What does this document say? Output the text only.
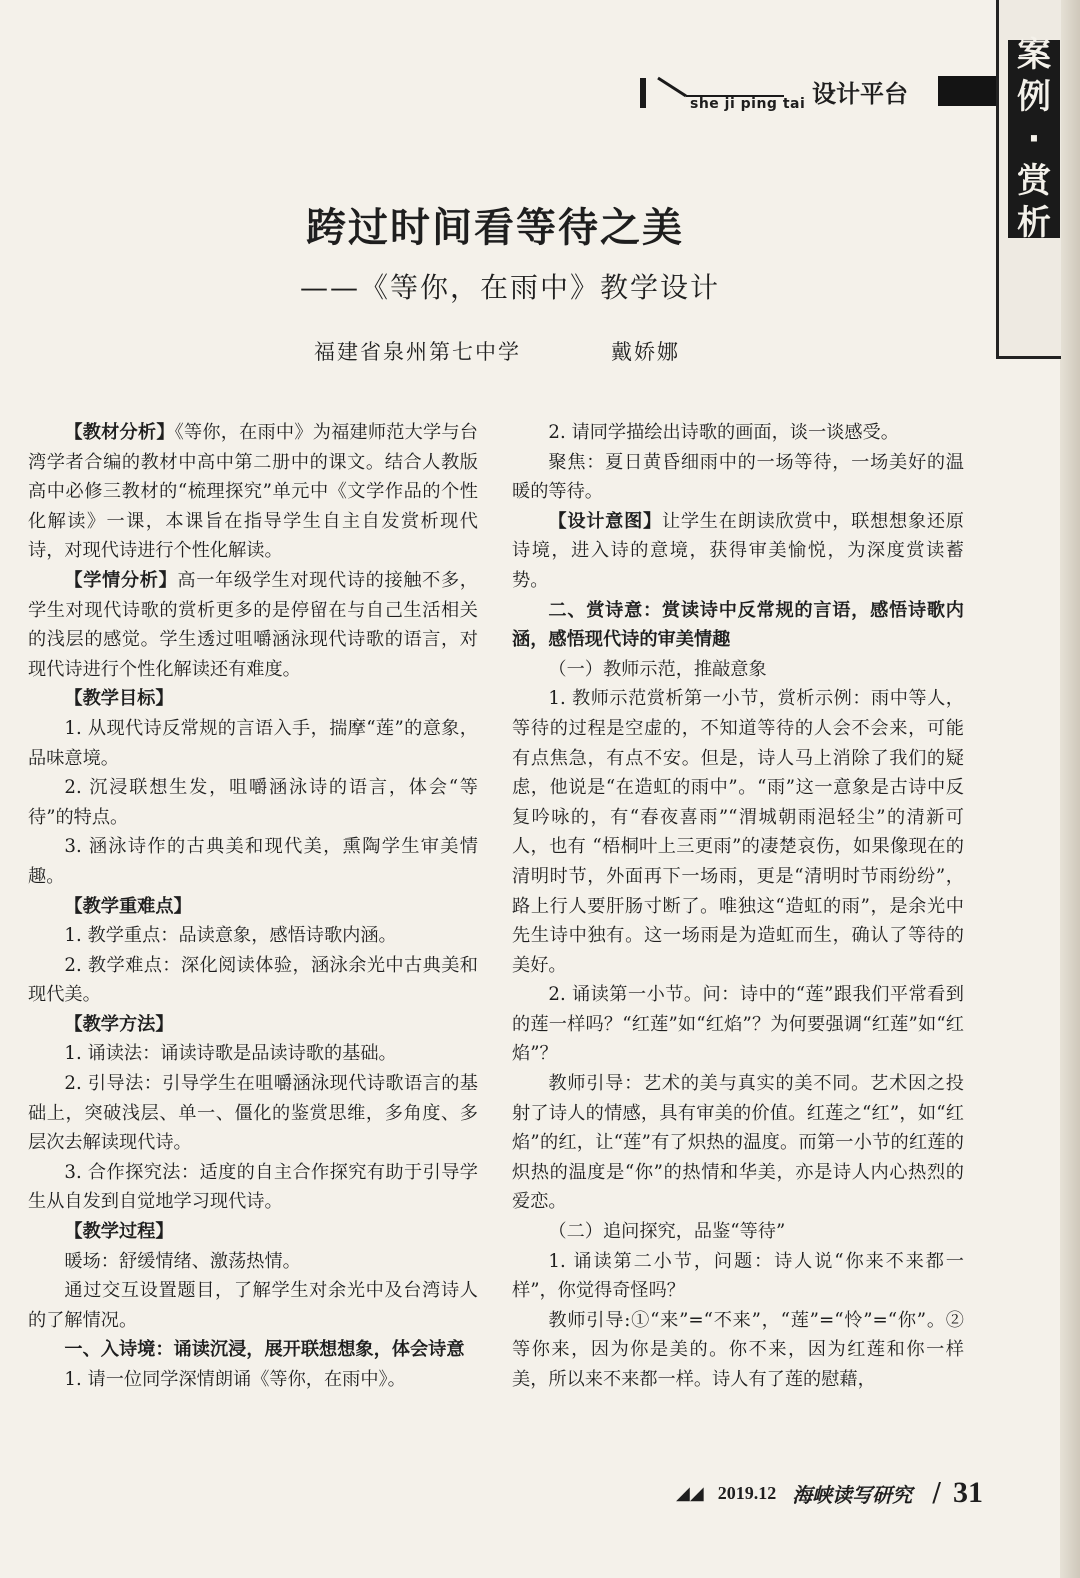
she ji ping tai 设计平台
案
例
·
赏
析
跨过时间看等待之美
——《等你，在雨中》教学设计
福建省泉州第七中学	戴娇娜

【教材分析】《等你，在雨中》为福建师范大学与台湾学者合编的教材中高中第二册中的课文。结合人教版高中必修三教材的“梳理探究”单元中《文学作品的个性化解读》一课，本课旨在指导学生自主自发赏析现代诗，对现代诗进行个性化解读。

【学情分析】高一年级学生对现代诗的接触不多，学生对现代诗歌的赏析更多的是停留在与自己生活相关的浅层的感觉。学生透过咀嚼涵泳现代诗歌的语言，对现代诗进行个性化解读还有难度。

【教学目标】

1. 从现代诗反常规的言语入手，揣摩“莲”的意象，品味意境。

2. 沉浸联想生发，咀嚼涵泳诗的语言，体会“等待”的特点。

3. 涵泳诗作的古典美和现代美，熏陶学生审美情趣。

【教学重难点】

1. 教学重点：品读意象，感悟诗歌内涵。

2. 教学难点：深化阅读体验，涵泳余光中古典美和现代美。

【教学方法】

1. 诵读法：诵读诗歌是品读诗歌的基础。

2. 引导法：引导学生在咀嚼涵泳现代诗歌语言的基础上，突破浅层、单一、僵化的鉴赏思维，多角度、多层次去解读现代诗。

3. 合作探究法：适度的自主合作探究有助于引导学生从自发到自觉地学习现代诗。

【教学过程】

暖场：舒缓情绪、激荡热情。

通过交互设置题目，了解学生对余光中及台湾诗人的了解情况。

一、入诗境：诵读沉浸，展开联想想象，体会诗意

1. 请一位同学深情朗诵《等你，在雨中》。

2. 请同学描绘出诗歌的画面，谈一谈感受。

聚焦：夏日黄昏细雨中的一场等待，一场美好的温暖的等待。

【设计意图】让学生在朗读欣赏中，联想想象还原诗境，进入诗的意境，获得审美愉悦，为深度赏读蓄势。

二、赏诗意：赏读诗中反常规的言语，感悟诗歌内涵，感悟现代诗的审美情趣

（一）教师示范，推敲意象

1. 教师示范赏析第一小节，赏析示例：雨中等人，等待的过程是空虚的，不知道等待的人会不会来，可能有点焦急，有点不安。但是，诗人马上消除了我们的疑虑，他说是“在造虹的雨中”。“雨”这一意象是古诗中反复吟咏的，有“春夜喜雨”“渭城朝雨浥轻尘”的清新可人，也有 “梧桐叶上三更雨”的凄楚哀伤，如果像现在的清明时节，外面再下一场雨，更是“清明时节雨纷纷”，路上行人要肝肠寸断了。唯独这“造虹的雨”，是余光中先生诗中独有。这一场雨是为造虹而生，确认了等待的美好。

2. 诵读第一小节。问：诗中的“莲”跟我们平常看到的莲一样吗？“红莲”如“红焰”？为何要强调“红莲”如“红焰”？

教师引导：艺术的美与真实的美不同。艺术因之投射了诗人的情感，具有审美的价值。红莲之“红”，如“红焰”的红，让“莲”有了炽热的温度。而第一小节的红莲的炽热的温度是“你”的热情和华美，亦是诗人内心热烈的爱恋。

（二）追问探究，品鉴“等待”

1. 诵读第二小节，问题：诗人说“你来不来都一样”，你觉得奇怪吗？

教师引导:①“来”=“不来”，“莲”=“怜”=“你”。②等你来，因为你是美的。你不来，因为红莲和你一样美，所以来不来都一样。诗人有了莲的慰藉，

◢◢ 2019.12 海峡读写研究 / 31
